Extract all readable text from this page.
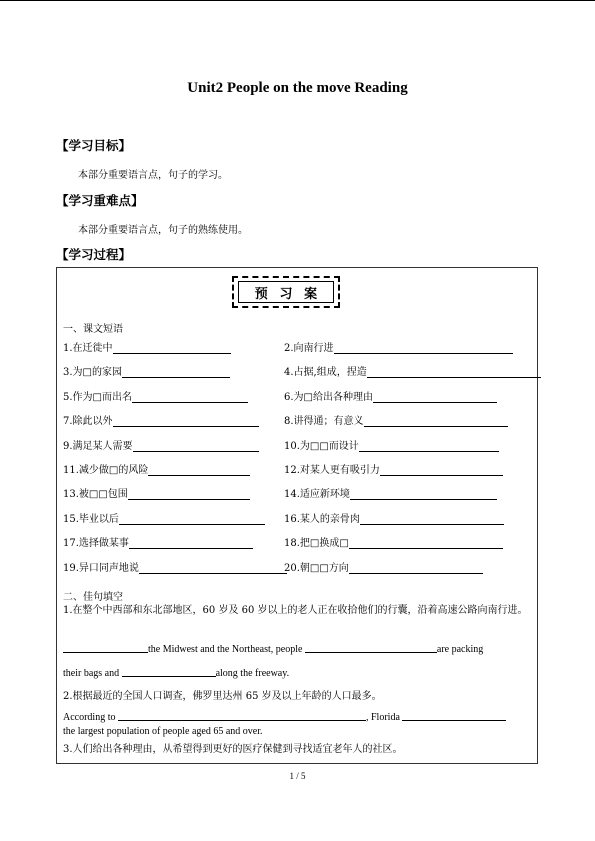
Unit2 People on the move Reading
【学习目标】
本部分重要语言点，句子的学习。
【学习重难点】
本部分重要语言点，句子的熟练使用。
【学习过程】
预习案
一、课文短语
1.在迁徙中	2.向南行进
3.为□的家园	4.占据,组成，捏造
5.作为□而出名	6.为□给出各种理由
7.除此以外	8.讲得通；有意义
9.满足某人需要	10.为□□而设计
11.减少做□的风险	12.对某人更有吸引力
13.被□□包围	14.适应新环境
15.毕业以后	16.某人的亲骨肉
17.选择做某事	18.把□换成□
19.异口同声地说	20.朝□□方向
二、佳句填空
1.在整个中西部和东北部地区，60 岁及 60 岁以上的老人正在收拾他们的行囊，沿着高速公路向南行进。
the Midwest and the Northeast, people	are packing
their bags and	along the freeway.
2.根据最近的全国人口调查，佛罗里达州 65 岁及以上年龄的人口最多。
According to	, Florida
the largest population of people aged 65 and over.
3.人们给出各种理由，从希望得到更好的医疗保健到寻找适宜老年人的社区。
1 / 5
